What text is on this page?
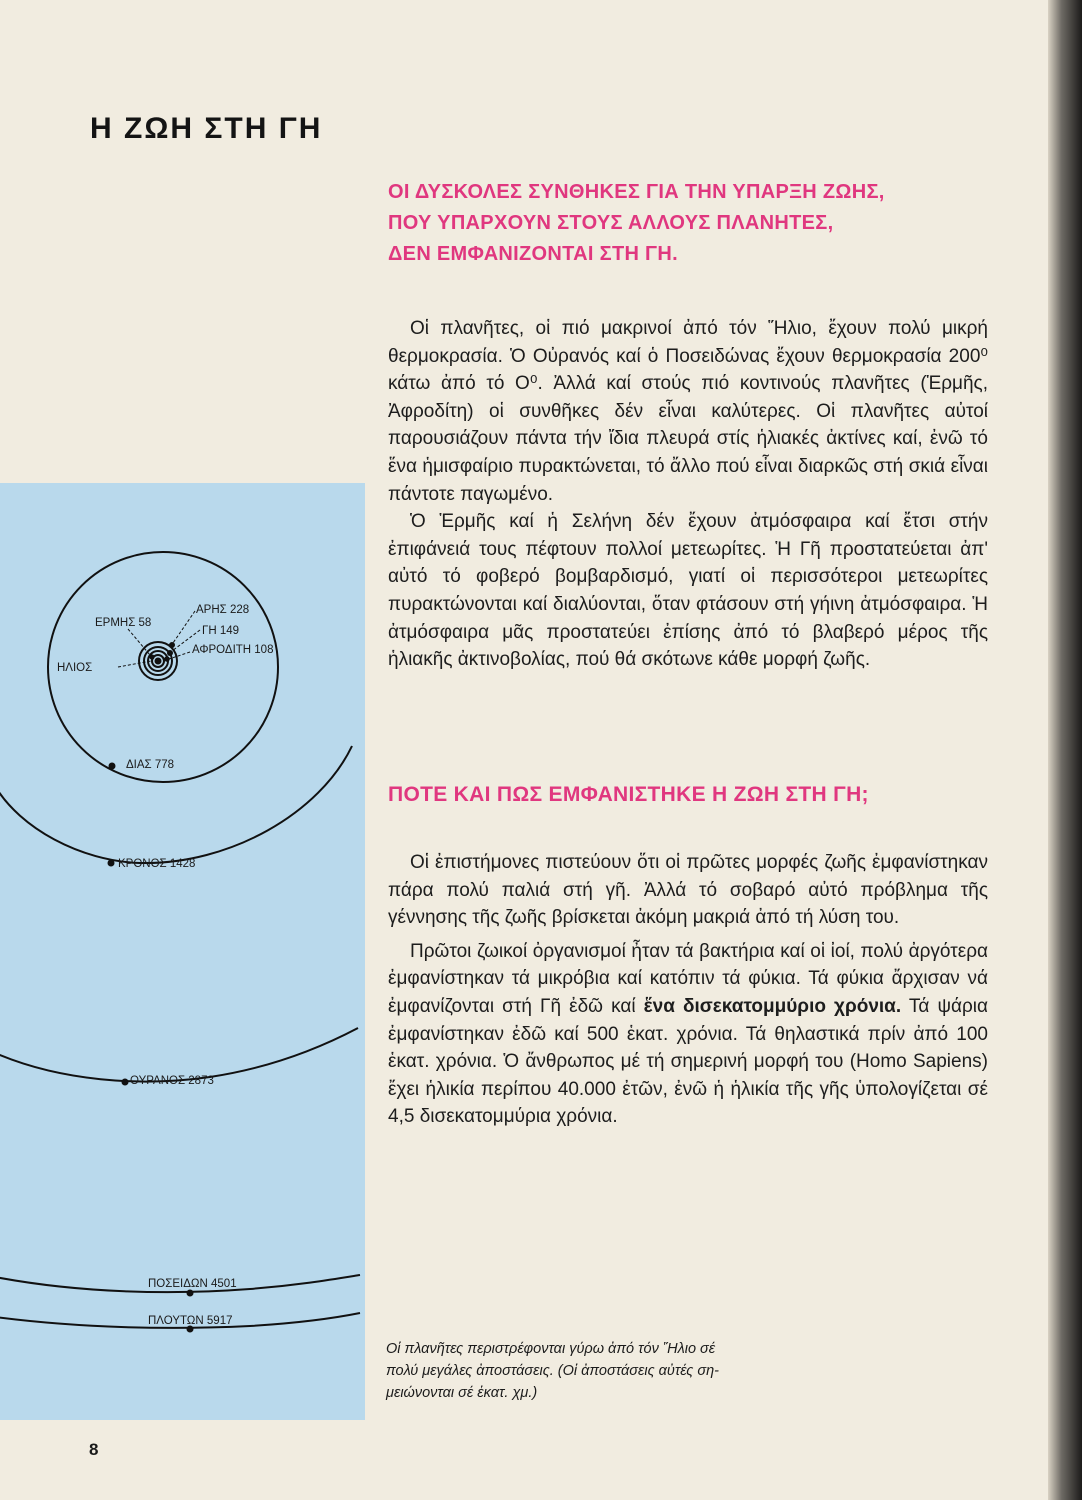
Η ΖΩΗ ΣΤΗ ΓΗ
ΟΙ ΔΥΣΚΟΛΕΣ ΣΥΝΘΗΚΕΣ ΓΙΑ ΤΗΝ ΥΠΑΡΞΗ ΖΩΗΣ,
ΠΟΥ ΥΠΑΡΧΟΥΝ ΣΤΟΥΣ ΑΛΛΟΥΣ ΠΛΑΝΗΤΕΣ,
ΔΕΝ ΕΜΦΑΝΙΖΟΝΤΑΙ ΣΤΗ ΓΗ.

Οἱ πλανῆτες, οἱ πιό μακρινοί ἀπό τόν Ἥλιο, ἔχουν πολύ μικρή θερμοκρασία. Ὁ Οὐρανός καί ὁ Ποσειδώνας ἔχουν θερμοκρασία 200⁰ κάτω ἀπό τό Ο⁰. Ἀλλά καί στούς πιό κοντινούς πλανῆτες (Ἑρμῆς, Ἀφροδίτη) οἱ συνθῆκες δέν εἶναι καλύτερες. Οἱ πλανῆτες αὐτοί παρουσιάζουν πάντα τήν ἴδια πλευρά στίς ἡλιακές ἀκτίνες καί, ἐνῶ τό ἕνα ἡμισφαίριο πυρακτώνεται, τό ἄλλο πού εἶναι διαρκῶς στή σκιά εἶναι πάντοτε παγωμένο.

Ὁ Ἑρμῆς καί ἡ Σελήνη δέν ἔχουν ἀτμόσφαιρα καί ἔτσι στήν ἐπιφάνειά τους πέφτουν πολλοί μετεωρίτες. Ἡ Γῆ προστατεύεται ἀπ' αὐτό τό φοβερό βομβαρδισμό, γιατί οἱ περισσότεροι μετεωρίτες πυρακτώνονται καί διαλύονται, ὅταν φτάσουν στή γήινη ἀτμόσφαιρα. Ἡ ἀτμόσφαιρα μᾶς προστατεύει ἐπίσης ἀπό τό βλαβερό μέρος τῆς ἡλιακῆς ἀκτινοβολίας, πού θά σκότωνε κάθε μορφή ζωῆς.

ΠΟΤΕ ΚΑΙ ΠΩΣ ΕΜΦΑΝΙΣΤΗΚΕ Η ΖΩΗ ΣΤΗ ΓΗ;

Οἱ ἐπιστήμονες πιστεύουν ὅτι οἱ πρῶτες μορφές ζωῆς ἐμφανίστηκαν πάρα πολύ παλιά στή γῆ. Ἀλλά τό σοβαρό αὐτό πρόβλημα τῆς γέννησης τῆς ζωῆς βρίσκεται ἀκόμη μακριά ἀπό τή λύση του.

Πρῶτοι ζωικοί ὀργανισμοί ἦταν τά βακτήρια καί οἱ ἰοί, πολύ ἀργότερα ἐμφανίστηκαν τά μικρόβια καί κατόπιν τά φύκια. Τά φύκια ἄρχισαν νά ἐμφανίζονται στή Γῆ ἐδῶ καί ἕνα δισεκατομμύριο χρόνια. Τά ψάρια ἐμφανίστηκαν ἐδῶ καί 500 ἑκατ. χρόνια. Τά θηλαστικά πρίν ἀπό 100 ἑκατ. χρόνια. Ὁ ἄνθρωπος μέ τή σημερινή μορφή του (Homo Sapiens) ἔχει ἡλικία περίπου 40.000 ἐτῶν, ἐνῶ ἡ ἡλικία τῆς γῆς ὑπολογίζεται σέ 4,5 δισεκατομμύρια χρόνια.

ΗΛΙΟΣ
ΕΡΜΗΣ 58
ΑΡΗΣ 228
ΓΗ 149
ΑΦΡΟΔΙΤΗ 108
ΔΙΑΣ 778
ΚΡΟΝΟΣ 1428
ΟΥΡΑΝΟΣ 2873
ΠΟΣΕΙΔΩΝ 4501
ΠΛΟΥΤΩΝ 5917
Οἱ πλανῆτες περιστρέφονται γύρω ἀπό τόν Ἥλιο σέ
πολύ μεγάλες ἀποστάσεις. (Οἱ ἀποστάσεις αὐτές ση-
μειώνονται σέ ἑκατ. χμ.)
8
